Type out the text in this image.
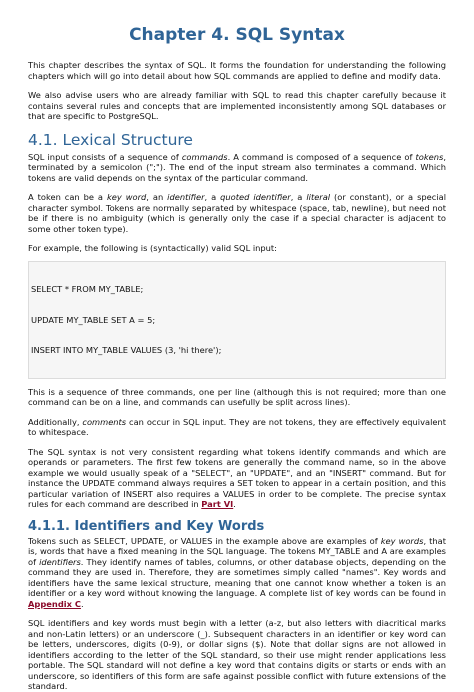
Chapter 4. SQL Syntax

This chapter describes the syntax of SQL. It forms the foundation for understanding the following chapters which will go into detail about how SQL commands are applied to define and modify data.

We also advise users who are already familiar with SQL to read this chapter carefully because it contains several rules and concepts that are implemented inconsistently among SQL databases or that are specific to PostgreSQL.

4.1. Lexical Structure

SQL input consists of a sequence of commands. A command is composed of a sequence of tokens, terminated by a semicolon (";"). The end of the input stream also terminates a command. Which tokens are valid depends on the syntax of the particular command.

A token can be a key word, an identifier, a quoted identifier, a literal (or constant), or a special character symbol. Tokens are normally separated by whitespace (space, tab, newline), but need not be if there is no ambiguity (which is generally only the case if a special character is adjacent to some other token type).

For example, the following is (syntactically) valid SQL input:

SELECT * FROM MY_TABLE;

UPDATE MY_TABLE SET A = 5;

INSERT INTO MY_TABLE VALUES (3, 'hi there');

This is a sequence of three commands, one per line (although this is not required; more than one command can be on a line, and commands can usefully be split across lines).

Additionally, comments can occur in SQL input. They are not tokens, they are effectively equivalent to whitespace.

The SQL syntax is not very consistent regarding what tokens identify commands and which are operands or parameters. The first few tokens are generally the command name, so in the above example we would usually speak of a "SELECT", an "UPDATE", and an "INSERT" command. But for instance the UPDATE command always requires a SET token to appear in a certain position, and this particular variation of INSERT also requires a VALUES in order to be complete. The precise syntax rules for each command are described in Part VI.

4.1.1. Identifiers and Key Words

Tokens such as SELECT, UPDATE, or VALUES in the example above are examples of key words, that is, words that have a fixed meaning in the SQL language. The tokens MY_TABLE and A are examples of identifiers. They identify names of tables, columns, or other database objects, depending on the command they are used in. Therefore, they are sometimes simply called "names". Key words and identifiers have the same lexical structure, meaning that one cannot know whether a token is an identifier or a key word without knowing the language. A complete list of key words can be found in Appendix C.

SQL identifiers and key words must begin with a letter (a-z, but also letters with diacritical marks and non-Latin letters) or an underscore (_). Subsequent characters in an identifier or key word can be letters, underscores, digits (0-9), or dollar signs ($). Note that dollar signs are not allowed in identifiers according to the letter of the SQL standard, so their use might render applications less portable. The SQL standard will not define a key word that contains digits or starts or ends with an underscore, so identifiers of this form are safe against possible conflict with future extensions of the standard.
